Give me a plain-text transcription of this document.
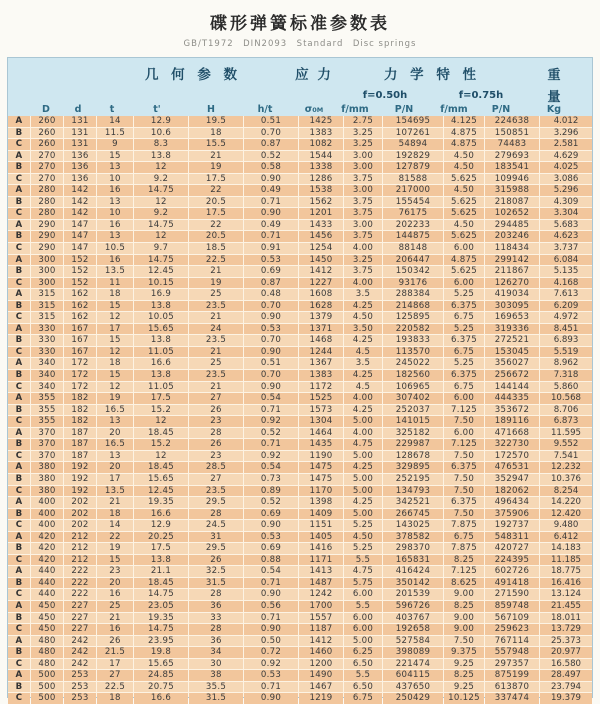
碟形弹簧标准参数表
GB/T1972　DIN2093　Standard　Disc springs
几 何 参 数	应 力	力 学 特 性	重
f=0.50h	f=0.75h	量
D	d	t	t'	H	h/t	σ 0M	f/mm	P/N	f/mm	P/N	Kg
A	260	131	14	12.9	19.5	0.51	1425	2.75	154695	4.125	224638	4.012
B	260	131	11.5	10.6	18	0.70	1383	3.25	107261	4.875	150851	3.296
C	260	131	9	8.3	15.5	0.87	1082	3.25	54894	4.875	74483	2.581
A	270	136	15	13.8	21	0.52	1544	3.00	192829	4.50	279693	4.629
B	270	136	13	12	19	0.58	1338	3.00	127879	4.50	183541	4.025
C	270	136	10	9.2	17.5	0.90	1286	3.75	81588	5.625	109946	3.086
A	280	142	16	14.75	22	0.49	1538	3.00	217000	4.50	315988	5.296
B	280	142	13	12	20.5	0.71	1562	3.75	155454	5.625	218087	4.309
C	280	142	10	9.2	17.5	0.90	1201	3.75	76175	5.625	102652	3.304
A	290	147	16	14.75	22	0.49	1433	3.00	202233	4.50	294485	5.683
B	290	147	13	12	20.5	0.71	1456	3.75	144875	5.625	203246	4.623
C	290	147	10.5	9.7	18.5	0.91	1254	4.00	88148	6.00	118434	3.737
A	300	152	16	14.75	22.5	0.53	1450	3.25	206447	4.875	299142	6.084
B	300	152	13.5	12.45	21	0.69	1412	3.75	150342	5.625	211867	5.135
C	300	152	11	10.15	19	0.87	1227	4.00	93176	6.00	126270	4.168
A	315	162	18	16.9	25	0.48	1608	3.5	288384	5.25	419034	7.613
B	315	162	15	13.8	23.5	0.70	1628	4.25	214868	6.375	303095	6.209
C	315	162	12	10.05	21	0.90	1379	4.50	125895	6.75	169653	4.972
A	330	167	17	15.65	24	0.53	1371	3.50	220582	5.25	319336	8.451
B	330	167	15	13.8	23.5	0.70	1468	4.25	193833	6.375	272521	6.893
C	330	167	12	11.05	21	0.90	1244	4.5	113570	6.75	153045	5.519
A	340	172	18	16.6	25	0.51	1367	3.5	245022	5.25	356027	8.962
B	340	172	15	13.8	23.5	0.70	1383	4.25	182560	6.375	256672	7.318
C	340	172	12	11.05	21	0.90	1172	4.5	106965	6.75	144144	5.860
A	355	182	19	17.5	27	0.54	1525	4.00	307402	6.00	444335	10.568
B	355	182	16.5	15.2	26	0.71	1573	4.25	252037	7.125	353672	8.706
C	355	182	13	12	23	0.92	1304	5.00	141015	7.50	189116	6.873
A	370	187	20	18.45	28	0.52	1464	4.00	325182	6.00	471668	11.595
B	370	187	16.5	15.2	26	0.71	1435	4.75	229987	7.125	322730	9.552
C	370	187	13	12	23	0.92	1190	5.00	128678	7.50	172570	7.541
A	380	192	20	18.45	28.5	0.54	1475	4.25	329895	6.375	476531	12.232
B	380	192	17	15.65	27	0.73	1475	5.00	252195	7.50	352947	10.376
C	380	192	13.5	12.45	23.5	0.89	1170	5.00	134793	7.50	182062	8.254
A	400	202	21	19.35	29.5	0.52	1398	4.25	342521	6.375	496434	14.220
B	400	202	18	16.6	28	0.69	1409	5.00	266745	7.50	375906	12.420
C	400	202	14	12.9	24.5	0.90	1151	5.25	143025	7.875	192737	9.480
A	420	212	22	20.25	31	0.53	1405	4.50	378582	6.75	548311	6.412
B	420	212	19	17.5	29.5	0.69	1416	5.25	298370	7.875	420727	14.183
C	420	212	15	13.8	26	0.88	1171	5.5	165831	8.25	224395	11.185
A	440	222	23	21.1	32.5	0.54	1413	4.75	416424	7.125	602726	18.775
B	440	222	20	18.45	31.5	0.71	1487	5.75	350142	8.625	491418	16.416
C	440	222	16	14.75	28	0.90	1242	6.00	201539	9.00	271590	13.124
A	450	227	25	23.05	36	0.56	1700	5.5	596726	8.25	859748	21.455
B	450	227	21	19.35	33	0.71	1557	6.00	403767	9.00	567109	18.011
C	450	227	16	14.75	28	0.90	1187	6.00	192658	9.00	259623	13.729
A	480	242	26	23.95	36	0.50	1412	5.00	527584	7.50	767114	25.373
B	480	242	21.5	19.8	34	0.72	1460	6.25	398089	9.375	557948	20.977
C	480	242	17	15.65	30	0.92	1200	6.50	221474	9.25	297357	16.580
A	500	253	27	24.85	38	0.53	1490	5.5	604115	8.25	875199	28.497
B	500	253	22.5	20.75	35.5	0.71	1467	6.50	437650	9.25	613870	23.794
C	500	253	18	16.6	31.5	0.90	1219	6.75	250429	10.125	337474	19.379
